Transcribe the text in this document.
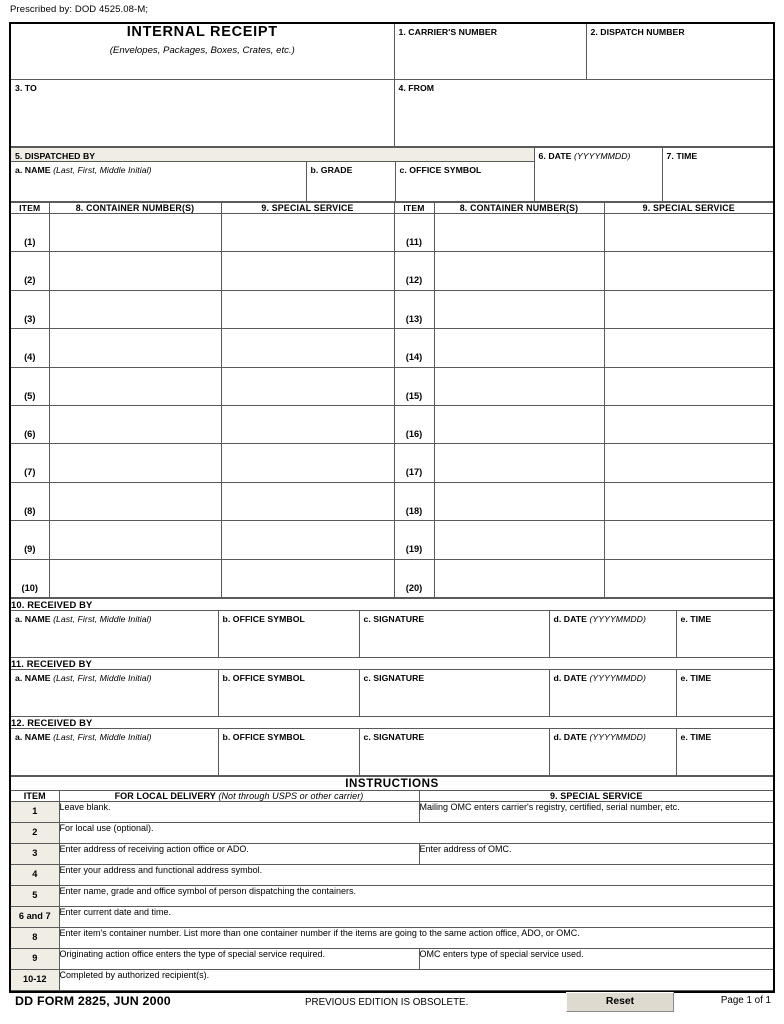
Prescribed by: DOD 4525.08-M;
INTERNAL RECEIPT
(Envelopes, Packages, Boxes, Crates, etc.)	1. CARRIER'S NUMBER	2. DISPATCH NUMBER

3. TO	4. FROM	
5. DISPATCHED BY			6. DATE (YYYYMMDD)	7. TIME

a. NAME (Last, First, Middle Initial)	b. GRADE	c. OFFICE SYMBOL		
ITEM	8. CONTAINER NUMBER(S)	9. SPECIAL SERVICE	ITEM	8. CONTAINER NUMBER(S)	9. SPECIAL SERVICE
(1)			(11)		
(2)			(12)		
(3)			(13)		
(4)			(14)		
(5)			(15)		
(6)			(16)		
(7)			(17)		
(8)			(18)		
(9)			(19)		
(10)			(20)		
10. RECEIVED BY				

a. NAME (Last, First, Middle Initial)	b. OFFICE SYMBOL	c. SIGNATURE	d. DATE (YYYYMMDD)	e. TIME

11. RECEIVED BY				

a. NAME (Last, First, Middle Initial)	b. OFFICE SYMBOL	c. SIGNATURE	d. DATE (YYYYMMDD)	e. TIME

12. RECEIVED BY				

a. NAME (Last, First, Middle Initial)	b. OFFICE SYMBOL	c. SIGNATURE	d. DATE (YYYYMMDD)	e. TIME
INSTRUCTIONS		
ITEM	FOR LOCAL DELIVERY (Not through USPS or other carrier)	9. SPECIAL SERVICE
1	Leave blank.	Mailing OMC enters carrier's registry, certified, serial number, etc.
2	For local use (optional).	
3	Enter address of receiving action office or ADO.	Enter address of OMC.
4	Enter your address and functional address symbol.	
5	Enter name, grade and office symbol of person dispatching the containers.	
6 and 7	Enter current date and time.	
8	Enter item's container number. List more than one container number if the items are going to the same action office, ADO, or OMC.	
9	Originating action office enters the type of special service required.	OMC enters type of special service used.
10-12	Completed by authorized recipient(s).	
DD FORM 2825, JUN 2000	PREVIOUS EDITION IS OBSOLETE.	Reset	Page 1 of 1
